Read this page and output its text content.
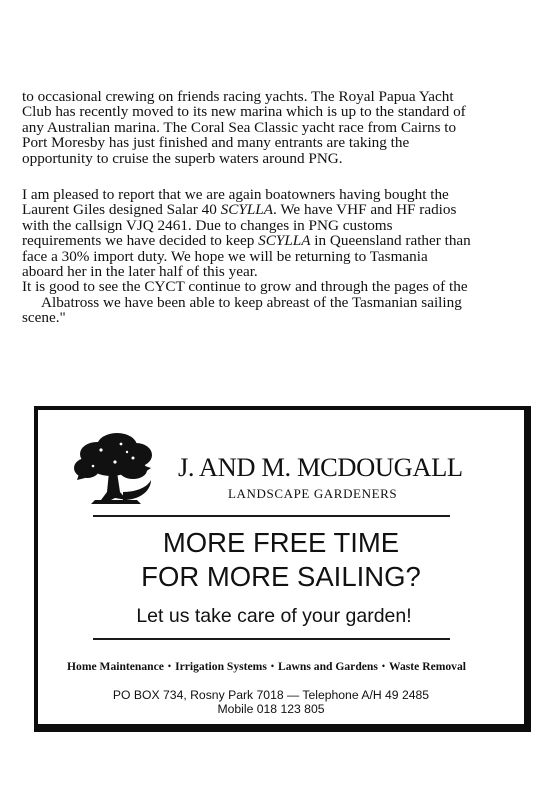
to occasional crewing on friends racing yachts. The Royal Papua Yacht
Club has recently moved to its new marina which is up to the standard of
any Australian marina. The Coral Sea Classic yacht race from Cairns to
Port Moresby has just finished and many entrants are taking the
opportunity to cruise the superb waters around PNG.

I am pleased to report that we are again boatowners having bought the
Laurent Giles designed Salar 40 SCYLLA. We have VHF and HF radios
with the callsign VJQ 2461. Due to changes in PNG customs
requirements we have decided to keep SCYLLA in Queensland rather than
face a 30% import duty. We hope we will be returning to Tasmania
aboard her in the later half of this year.

It is good to see the CYCT continue to grow and through the pages of the
Albatross we have been able to keep abreast of the Tasmanian sailing
scene."

J. AND M. MCDOUGALL
LANDSCAPE GARDENERS
MORE FREE TIME
FOR MORE SAILING?
Let us take care of your garden!
Home Maintenance • Irrigation Systems • Lawns and Gardens • Waste Removal
PO BOX 734, Rosny Park 7018 — Telephone A/H 49 2485
Mobile 018 123 805
